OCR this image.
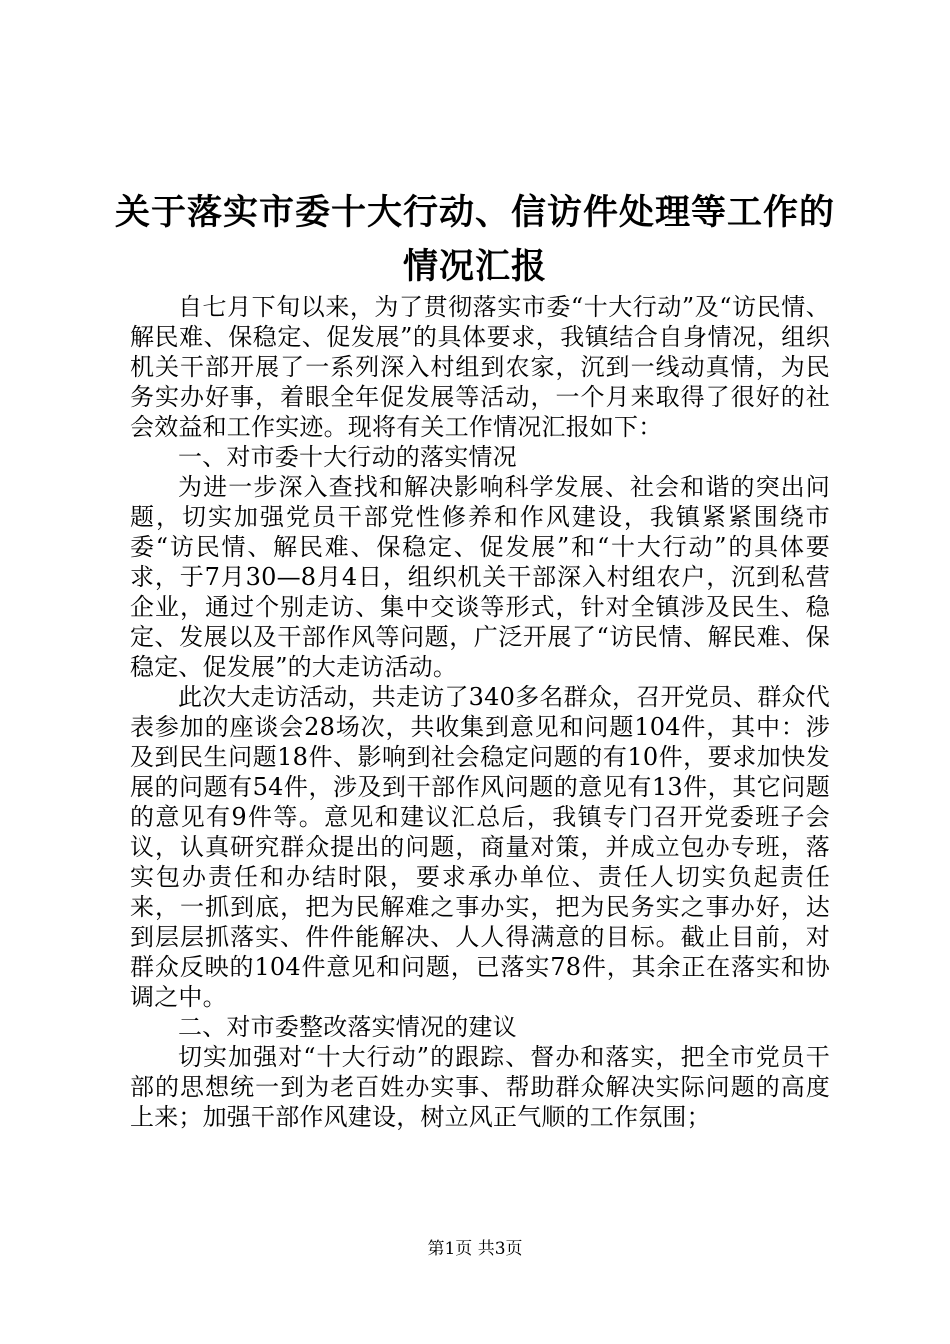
关于落实市委十大行动、信访件处理等工作的
情况汇报

自七月下旬以来，为了贯彻落实市委“十大行动”及“访民情、解民难、保稳定、促发展”的具体要求，我镇结合自身情况，组织机关干部开展了一系列深入村组到农家，沉到一线动真情，为民务实办好事，着眼全年促发展等活动，一个月来取得了很好的社会效益和工作实迹。现将有关工作情况汇报如下：

一、对市委十大行动的落实情况

为进一步深入查找和解决影响科学发展、社会和谐的突出问题，切实加强党员干部党性修养和作风建设，我镇紧紧围绕市委“访民情、解民难、保稳定、促发展”和“十大行动”的具体要求，于7月30—8月4日，组织机关干部深入村组农户，沉到私营企业，通过个别走访、集中交谈等形式，针对全镇涉及民生、稳定、发展以及干部作风等问题，广泛开展了“访民情、解民难、保稳定、促发展”的大走访活动。

此次大走访活动，共走访了340多名群众，召开党员、群众代表参加的座谈会28场次，共收集到意见和问题104件，其中：涉及到民生问题18件、影响到社会稳定问题的有10件，要求加快发展的问题有54件，涉及到干部作风问题的意见有13件，其它问题的意见有9件等。意见和建议汇总后，我镇专门召开党委班子会议，认真研究群众提出的问题，商量对策，并成立包办专班，落实包办责任和办结时限，要求承办单位、责任人切实负起责任来，一抓到底，把为民解难之事办实，把为民务实之事办好，达到层层抓落实、件件能解决、人人得满意的目标。截止目前，对群众反映的104件意见和问题，已落实78件，其余正在落实和协调之中。

二、对市委整改落实情况的建议

切实加强对“十大行动”的跟踪、督办和落实，把全市党员干部的思想统一到为老百姓办实事、帮助群众解决实际问题的高度上来；加强干部作风建设，树立风正气顺的工作氛围；

第1页 共3页
